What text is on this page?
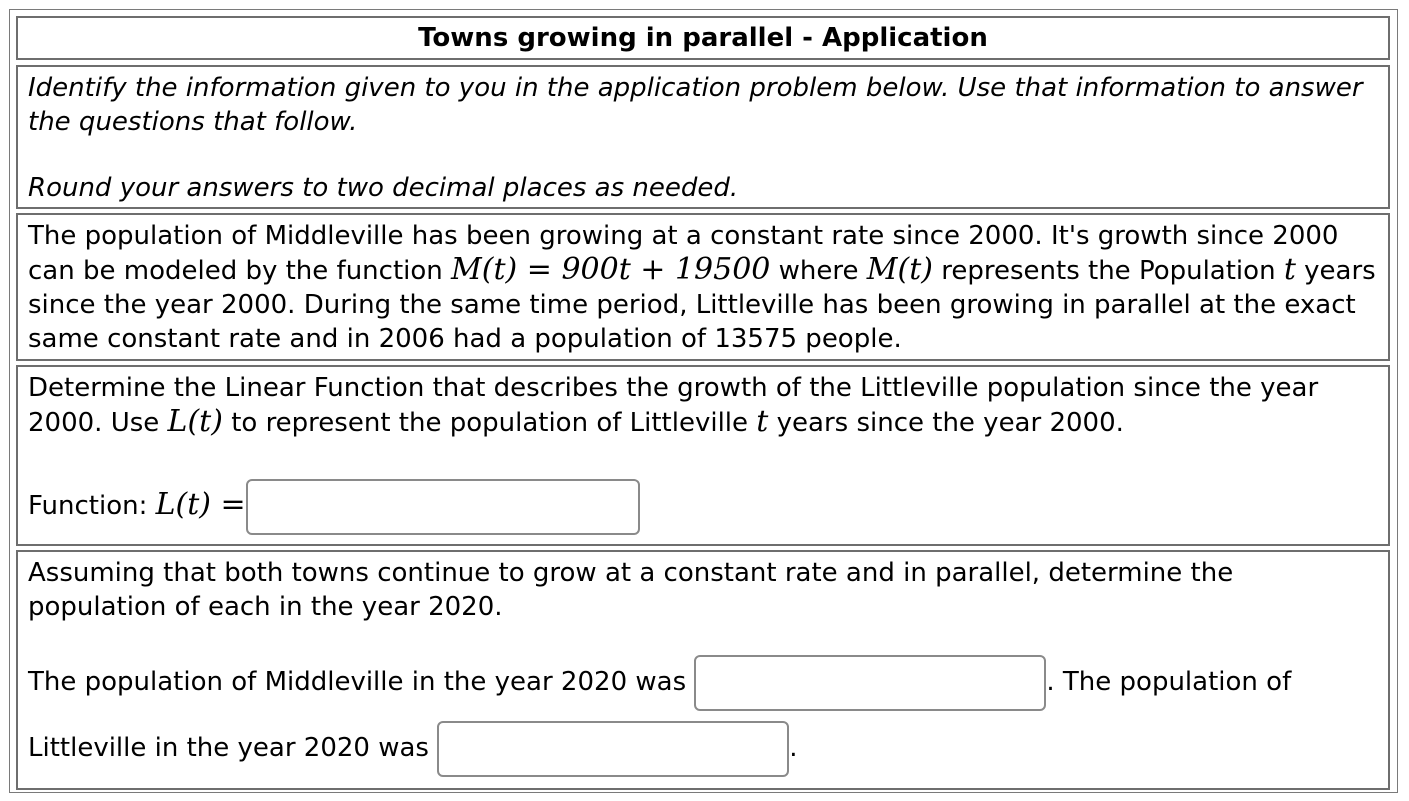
Towns growing in parallel - Application

Identify the information given to you in the application problem below. Use that information to answer the questions that follow.

Round your answers to two decimal places as needed.

The population of Middleville has been growing at a constant rate since 2000. It's growth since 2000 can be modeled by the function M(t) = 900t + 19500 where M(t) represents the Population t years since the year 2000. During the same time period, Littleville has been growing in parallel at the exact same constant rate and in 2006 had a population of 13575 people.

Determine the Linear Function that describes the growth of the Littleville population since the year 2000. Use L(t) to represent the population of Littleville t years since the year 2000.

Function: L(t) =

Assuming that both towns continue to grow at a constant rate and in parallel, determine the population of each in the year 2020.

The population of Middleville in the year 2020 was	. The population of
Littleville in the year 2020 was	.
